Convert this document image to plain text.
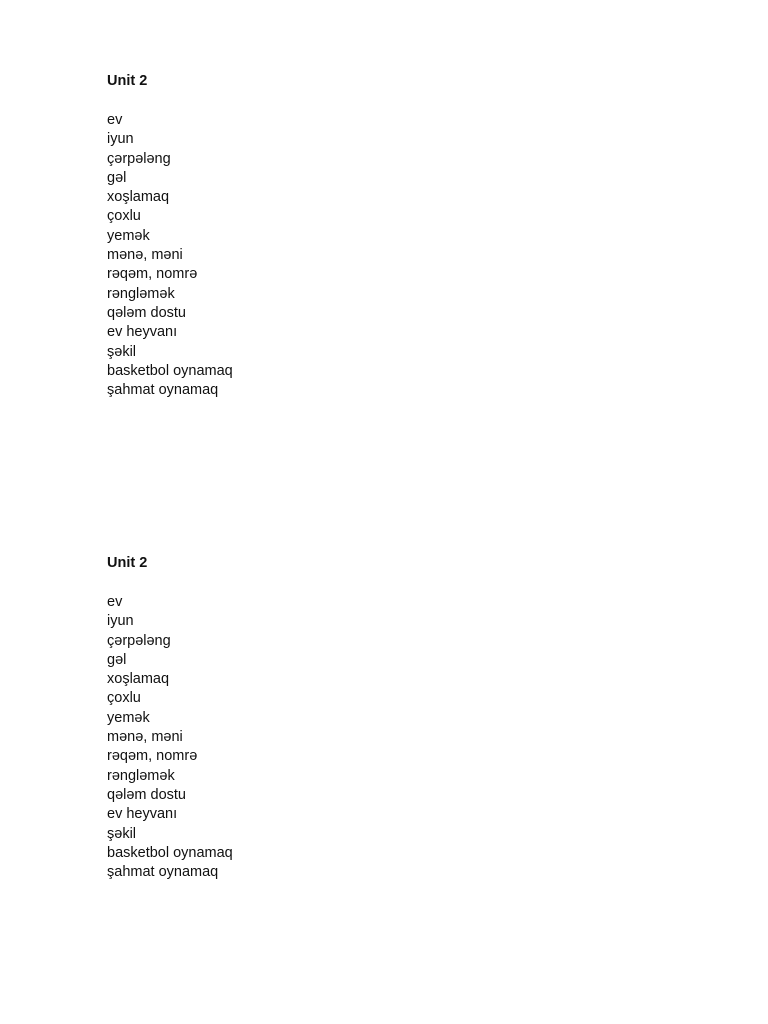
Unit 2
ev
iyun
çərpələng
gəl
xoşlamaq
çoxlu
yemək
mənə, məni
rəqəm, nomrə
rəngləmək
qələm dostu
ev heyvanı
şəkil
basketbol oynamaq
şahmat oynamaq
Unit 2
ev
iyun
çərpələng
gəl
xoşlamaq
çoxlu
yemək
mənə, məni
rəqəm, nomrə
rəngləmək
qələm dostu
ev heyvanı
şəkil
basketbol oynamaq
şahmat oynamaq
